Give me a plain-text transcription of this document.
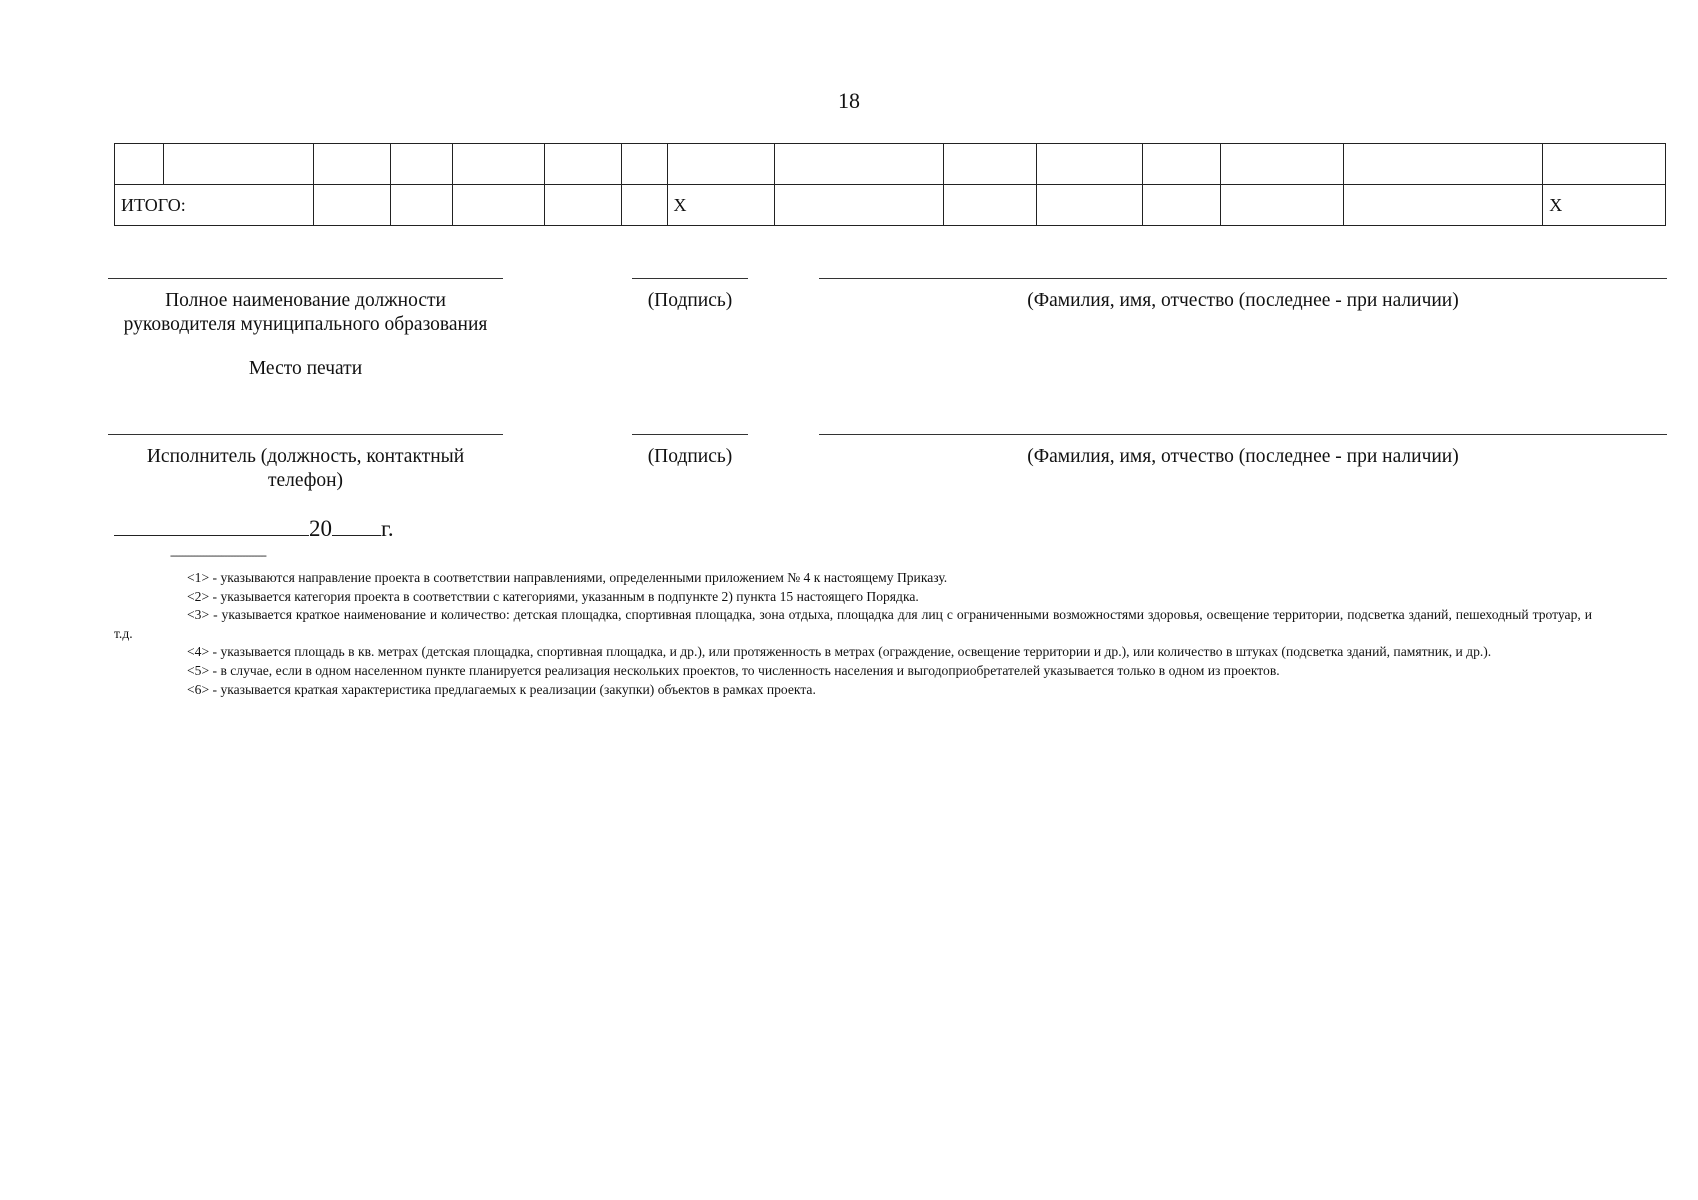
18

ИТОГО:							Х							Х
Полное наименование должности
руководителя муниципального образования
(Подпись)	(Фамилия, имя, отчество (последнее - при наличии)
Место печати
Исполнитель (должность, контактный
телефон)
(Подпись)	(Фамилия, имя, отчество (последнее - при наличии)
20 г.
--------------------------------

<1> - указываются направление проекта в соответствии направлениями, определенными приложением № 4 к настоящему Приказу.

<2> - указывается категория проекта в соответствии с категориями, указанным в подпункте 2) пункта 15 настоящего Порядка.

<3> - указывается краткое наименование и количество: детская площадка, спортивная площадка, зона отдыха, площадка для лиц с ограниченными возможностями здоровья, освещение территории, подсветка зданий, пешеходный тротуар, и т.д.

<4> - указывается площадь в кв. метрах (детская площадка, спортивная площадка, и др.), или протяженность в метрах (ограждение, освещение территории и др.), или количество в штуках (подсветка зданий, памятник, и др.).

<5> - в случае, если в одном населенном пункте планируется реализация нескольких проектов, то численность населения и выгодоприобретателей указывается только в одном из проектов.

<6> - указывается краткая характеристика предлагаемых к реализации (закупки) объектов в рамках проекта.
